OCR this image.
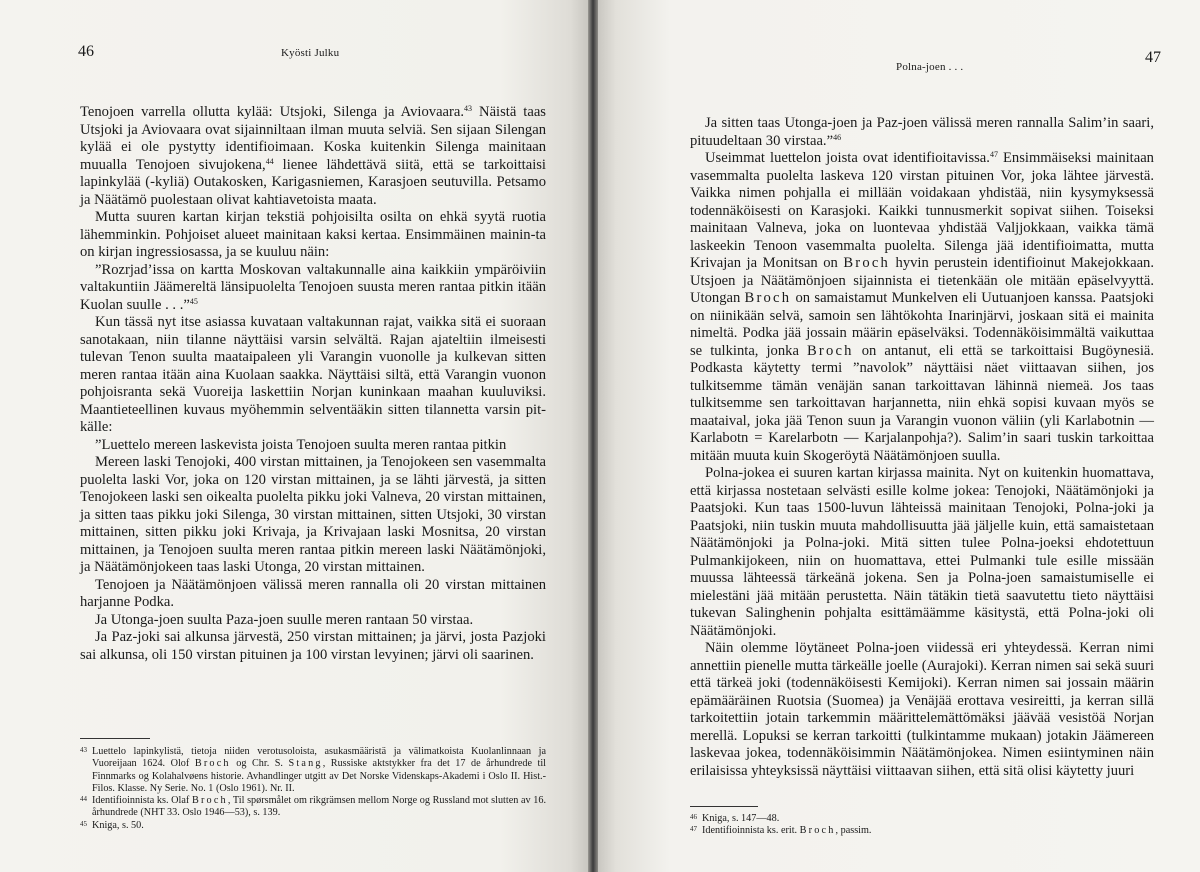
46	Kyösti Julku

Tenojoen varrella ollutta kylää: Utsjoki, Silenga ja Aviovaara.$^{43}$ Näistä taas Utsjoki ja Aviovaara ovat sijainniltaan ilman muuta selviä. Sen sijaan Silengan kylää ei ole pystytty identifioimaan. Koska kuitenkin Silenga mainitaan muualla Tenojoen sivujokena,$^{44}$ lienee lähdettävä siitä, että se tarkoittaisi lapinkylää (-kyliä) Outakosken, Karigasniemen, Karasjoen seutuvilla. Petsamo ja Näätämö puolestaan olivat kahtiavetoista maata.

Mutta suuren kartan kirjan tekstiä pohjoisilta osilta on ehkä syytä ruotia lähemminkin. Pohjoiset alueet mainitaan kaksi kertaa. Ensimmäinen mainin-ta on kirjan ingressiosassa, ja se kuuluu näin:

”Rozrjad’issa on kartta Moskovan valtakunnalle aina kaikkiin ympäröiviin valtakuntiin Jäämereltä länsipuolelta Tenojoen suusta meren rantaa pitkin itään Kuolan suulle . . .”$^{45}$

Kun tässä nyt itse asiassa kuvataan valtakunnan rajat, vaikka sitä ei suoraan sanotakaan, niin tilanne näyttäisi varsin selvältä. Rajan ajateltiin ilmeisesti tulevan Tenon suulta maataipaleen yli Varangin vuonolle ja kulkevan sitten meren rantaa itään aina Kuolaan saakka. Näyttäisi siltä, että Varangin vuonon pohjoisranta sekä Vuoreija laskettiin Norjan kuninkaan maahan kuuluviksi. Maantieteellinen kuvaus myöhemmin selventääkin sitten tilannetta varsin pit-källe:

”Luettelo mereen laskevista joista Tenojoen suulta meren rantaa pitkin

Mereen laski Tenojoki, 400 virstan mittainen, ja Tenojokeen sen vasemmalta puolelta laski Vor, joka on 120 virstan mittainen, ja se lähti järvestä, ja sitten Tenojokeen laski sen oikealta puolelta pikku joki Valneva, 20 virstan mittainen, ja sitten taas pikku joki Silenga, 30 virstan mittainen, sitten Utsjoki, 30 virstan mittainen, sitten pikku joki Krivaja, ja Krivajaan laski Mosnitsa, 20 virstan mittainen, ja Tenojoen suulta meren rantaa pitkin mereen laski Näätämönjoki, ja Näätämönjokeen taas laski Utonga, 20 virstan mittainen.

Tenojoen ja Näätämönjoen välissä meren rannalla oli 20 virstan mittainen harjanne Podka.

Ja Utonga-joen suulta Paza-joen suulle meren rantaan 50 virstaa.

Ja Paz-joki sai alkunsa järvestä, 250 virstan mittainen; ja järvi, josta Pazjoki sai alkunsa, oli 150 virstan pituinen ja 100 virstan levyinen; järvi oli saarinen.

43 Luettelo lapinkylistä, tietoja niiden verotusoloista, asukasmääristä ja välimatkoista Kuolanlinnaan ja Vuoreijaan 1624. Olof Broch og Chr. S. Stang, Russiske aktstykker fra det 17 de århundrede til Finnmarks og Kolahalvøens historie. Avhandlinger utgitt av Det Norske Videnskaps-Akademi i Oslo II. Hist.-Filos. Klasse. Ny Serie. No. 1 (Oslo 1961). Nr. II.

44 Identifioinnista ks. Olaf Broch, Til spørsmålet om rikgrämsen mellom Norge og Russland mot slutten av 16. århundrede (NHT 33. Oslo 1946—53), s. 139.

45 Kniga, s. 50.

Polna-joen . . .
47

Ja sitten taas Utonga-joen ja Paz-joen välissä meren rannalla Salim’in saari, pituudeltaan 30 virstaa.”$^{46}$

Useimmat luettelon joista ovat identifioitavissa.$^{47}$ Ensimmäiseksi mainitaan vasemmalta puolelta laskeva 120 virstan pituinen Vor, joka lähtee järvestä. Vaikka nimen pohjalla ei millään voidakaan yhdistää, niin kysymyksessä todennäköisesti on Karasjoki. Kaikki tunnusmerkit sopivat siihen. Toiseksi mainitaan Valneva, joka on luontevaa yhdistää Valjjokkaan, vaikka tämä laskeekin Tenoon vasemmalta puolelta. Silenga jää identifioimatta, mutta Krivajan ja Monitsan on Broch hyvin perustein identifioinut Makejokkaan. Utsjoen ja Näätämönjoen sijainnista ei tietenkään ole mitään epäselvyyttä. Utongan Broch on samaistamut Munkelven eli Uutuanjoen kanssa. Paatsjoki on niinikään selvä, samoin sen lähtökohta Inarinjärvi, joskaan sitä ei mainita nimeltä. Podka jää jossain määrin epäselväksi. Todennäköisimmältä vaikuttaa se tulkinta, jonka Broch on antanut, eli että se tarkoittaisi Bugöynesiä. Podkasta käytetty termi ”navolok” näyttäisi näet viittaavan siihen, jos tulkitsemme tämän venäjän sanan tarkoittavan lähinnä niemeä. Jos taas tulkitsemme sen tarkoittavan harjannetta, niin ehkä sopisi kuvaan myös se maataival, joka jää Tenon suun ja Varangin vuonon väliin (yli Karlabotnin — Karlabotn = Karelarbotn — Karjalanpohja?). Salim’in saari tuskin tarkoittaa mitään muuta kuin Skogeröytä Näätämönjoen suulla.

Polna-jokea ei suuren kartan kirjassa mainita. Nyt on kuitenkin huomattava, että kirjassa nostetaan selvästi esille kolme jokea: Tenojoki, Näätämönjoki ja Paatsjoki. Kun taas 1500-luvun lähteissä mainitaan Tenojoki, Polna-joki ja Paatsjoki, niin tuskin muuta mahdollisuutta jää jäljelle kuin, että samaistetaan Näätämönjoki ja Polna-joki. Mitä sitten tulee Polna-joeksi ehdotettuun Pulmankijokeen, niin on huomattava, ettei Pulmanki tule esille missään muussa lähteessä tärkeänä jokena. Sen ja Polna-joen samaistumiselle ei mielestäni jää mitään perustetta. Näin tätäkin tietä saavutettu tieto näyttäisi tukevan Salinghenin pohjalta esittämäämme käsitystä, että Polna-joki oli Näätämönjoki.

Näin olemme löytäneet Polna-joen viidessä eri yhteydessä. Kerran nimi annettiin pienelle mutta tärkeälle joelle (Aurajoki). Kerran nimen sai sekä suuri että tärkeä joki (todennäköisesti Kemijoki). Kerran nimen sai jossain määrin epämääräinen Ruotsia (Suomea) ja Venäjää erottava vesireitti, ja kerran sillä tarkoitettiin jotain tarkemmin määrittelemättömäksi jäävää vesistöä Norjan merellä. Lopuksi se kerran tarkoitti (tulkintamme mukaan) jotakin Jäämereen laskevaa jokea, todennäköisimmin Näätämönjokea. Nimen esiintyminen näin erilaisissa yhteyksissä näyttäisi viittaavan siihen, että sitä olisi käytetty juuri

46 Kniga, s. 147—48.

47 Identifioinnista ks. erit. Broch, passim.
